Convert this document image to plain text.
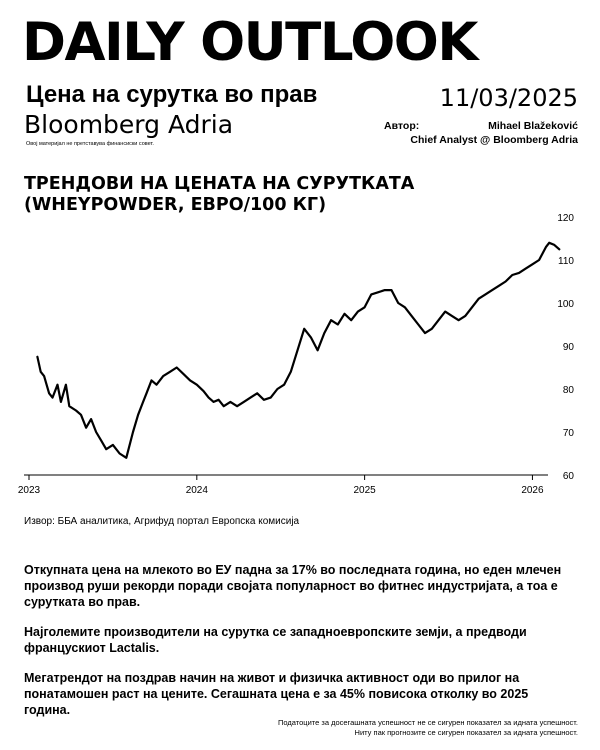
DAILY OUTLOOK
Цена на сурутка во прав	11/03/2025
Bloomberg Adria
Овој материјал не претставува финансиски совет.
Автор:	Mihael Blažeković
Chief Analyst @ Bloomberg Adria
ТРЕНДОВИ НА ЦЕНАТА НА СУРУТКАТА (WHEYPOWDER, ЕВРО/100 КГ)
2023	2024	2025	2026
60
70
80
90
100
110
120
Извор: ББА аналитика, Агрифуд портал Европска комисија

Откупната цена на млекото во ЕУ падна за 17% во последната година, но еден млечен производ руши рекорди поради својата популарност во фитнес индустријата, а тоа е сурутката во прав.

Најголемите производители на сурутка се западноевропските земји, а предводи францускиот Lactalis.

Мегатрендот на поздрав начин на живот и физичка активност оди во прилог на понатамошен раст на цените. Сегашната цена е за 45% повисока отколку во 2025 година.

Податоците за досегашната успешност не се сигурен показател за идната успешност.
Ниту пак прогнозите се сигурен показател за идната успешност.
